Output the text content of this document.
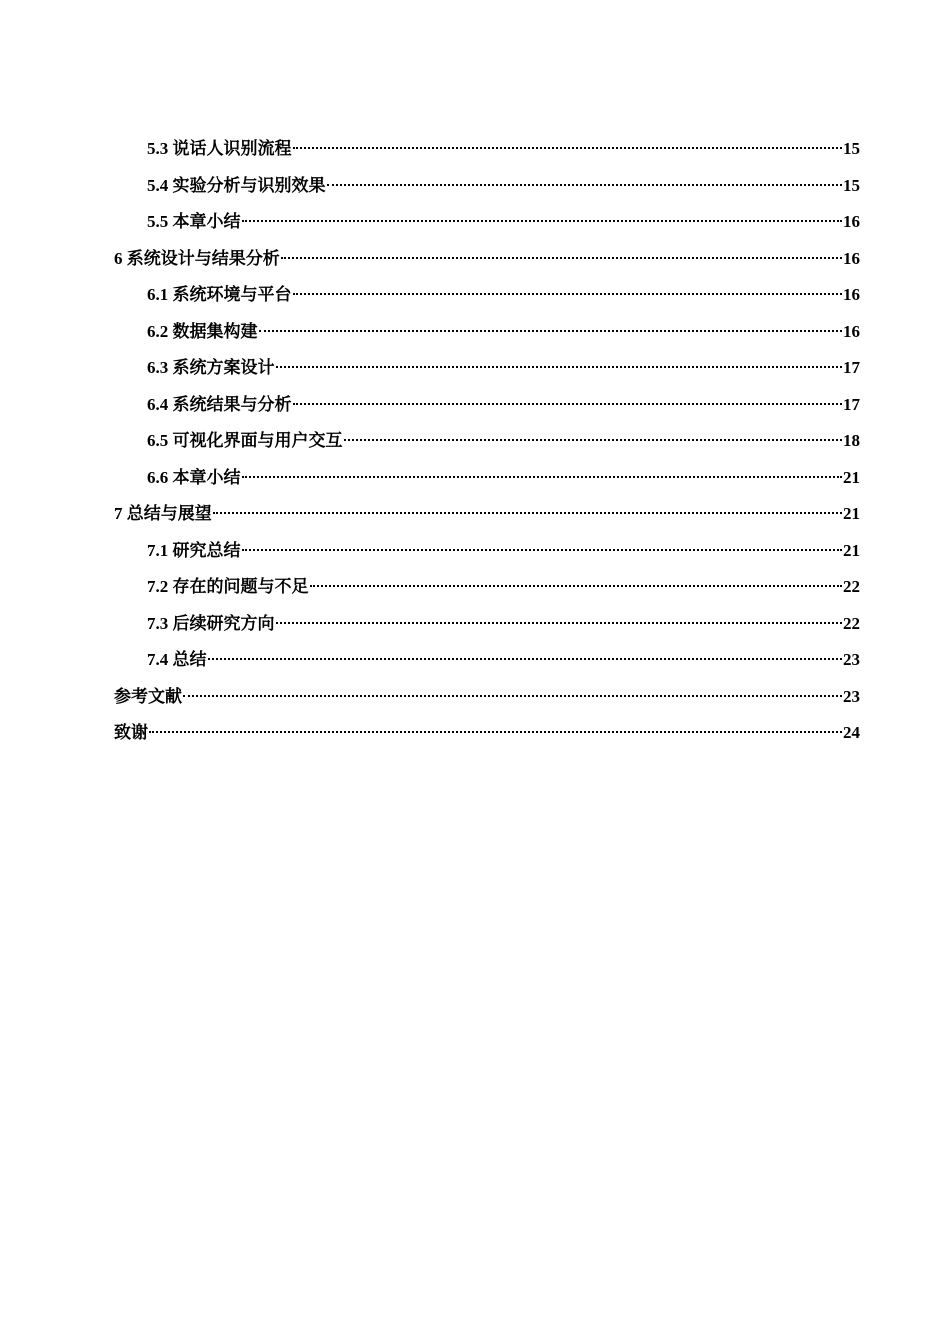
5.3 说话人识别流程	15
5.4 实验分析与识别效果	15
5.5 本章小结	16
6 系统设计与结果分析	16
6.1 系统环境与平台	16
6.2 数据集构建	16
6.3 系统方案设计	17
6.4 系统结果与分析	17
6.5 可视化界面与用户交互	18
6.6 本章小结	21
7 总结与展望	21
7.1 研究总结	21
7.2 存在的问题与不足	22
7.3 后续研究方向	22
7.4 总结	23
参考文献	23
致谢	24
